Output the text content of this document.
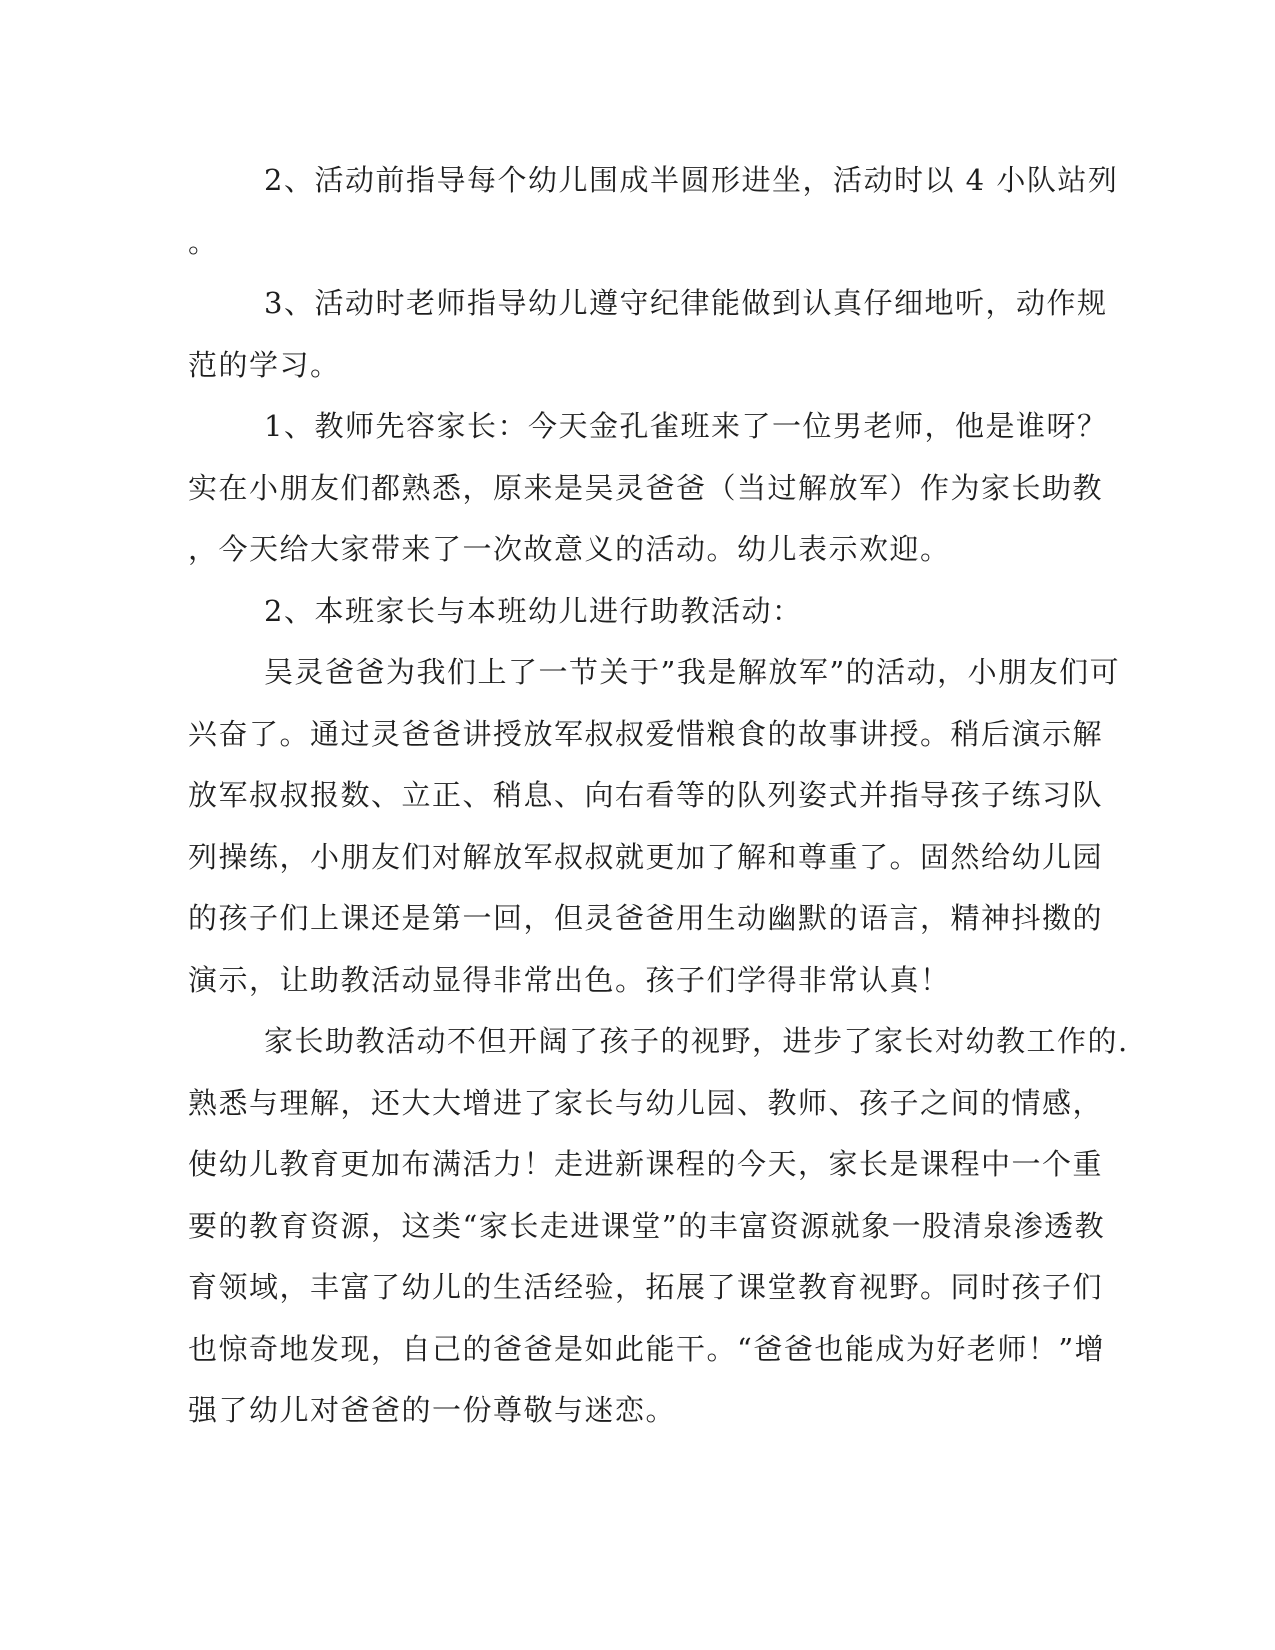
2、活动前指导每个幼儿围成半圆形进坐，活动时以 4 小队站列
。
3、活动时老师指导幼儿遵守纪律能做到认真仔细地听，动作规
范的学习。
1、教师先容家长：今天金孔雀班来了一位男老师，他是谁呀？
实在小朋友们都熟悉，原来是吴灵爸爸（当过解放军）作为家长助教
，今天给大家带来了一次故意义的活动。幼儿表示欢迎。
2、本班家长与本班幼儿进行助教活动：
吴灵爸爸为我们上了一节关于”我是解放军”的活动，小朋友们可
兴奋了。通过灵爸爸讲授放军叔叔爱惜粮食的故事讲授。稍后演示解
放军叔叔报数、立正、稍息、向右看等的队列姿式并指导孩子练习队
列操练，小朋友们对解放军叔叔就更加了解和尊重了。固然给幼儿园
的孩子们上课还是第一回，但灵爸爸用生动幽默的语言，精神抖擞的
演示，让助教活动显得非常出色。孩子们学得非常认真！
家长助教活动不但开阔了孩子的视野，进步了家长对幼教工作的.
熟悉与理解，还大大增进了家长与幼儿园、教师、孩子之间的情感，
使幼儿教育更加布满活力！走进新课程的今天，家长是课程中一个重
要的教育资源，这类“家长走进课堂”的丰富资源就象一股清泉渗透教
育领域，丰富了幼儿的生活经验，拓展了课堂教育视野。同时孩子们
也惊奇地发现，自己的爸爸是如此能干。“爸爸也能成为好老师！”增
强了幼儿对爸爸的一份尊敬与迷恋。
